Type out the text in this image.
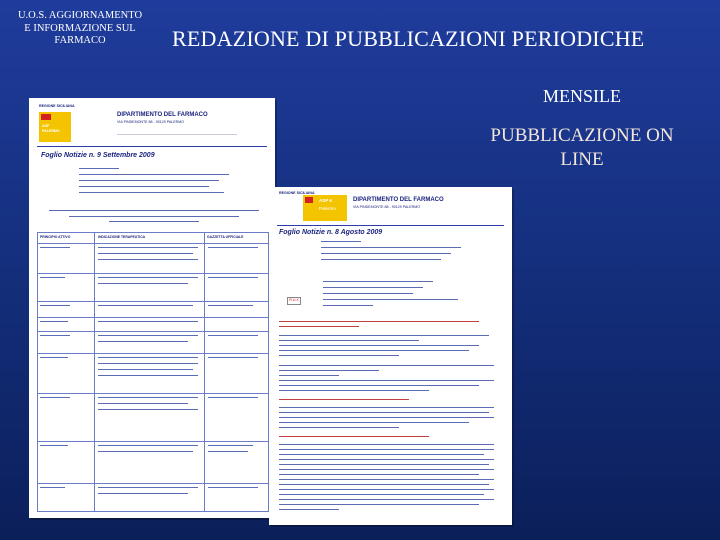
U.O.S. AGGIORNAMENTO E INFORMAZIONE SUL FARMACO	REDAZIONE DI PUBBLICAZIONI PERIODICHE
MENSILE
PUBBLICAZIONE ON LINE
REGIONE SICILIANA
ASP
PALERMO
DIPARTIMENTO DEL FARMACO
VIA PINDEMONTE 88 - 90129 PALERMO
Foglio Notizie n. 9 Settembre 2009
PRINCIPIO ATTIVO	INDICAZIONE TERAPEUTICA	GAZZETTA UFFICIALE
REGIONE SICILIANA
ASP 6
Palermo
DIPARTIMENTO DEL FARMACO
VIA PINDEMONTE 88 - 90129 PALERMO
Foglio Notizie n. 8 Agosto 2009
R.U.X
